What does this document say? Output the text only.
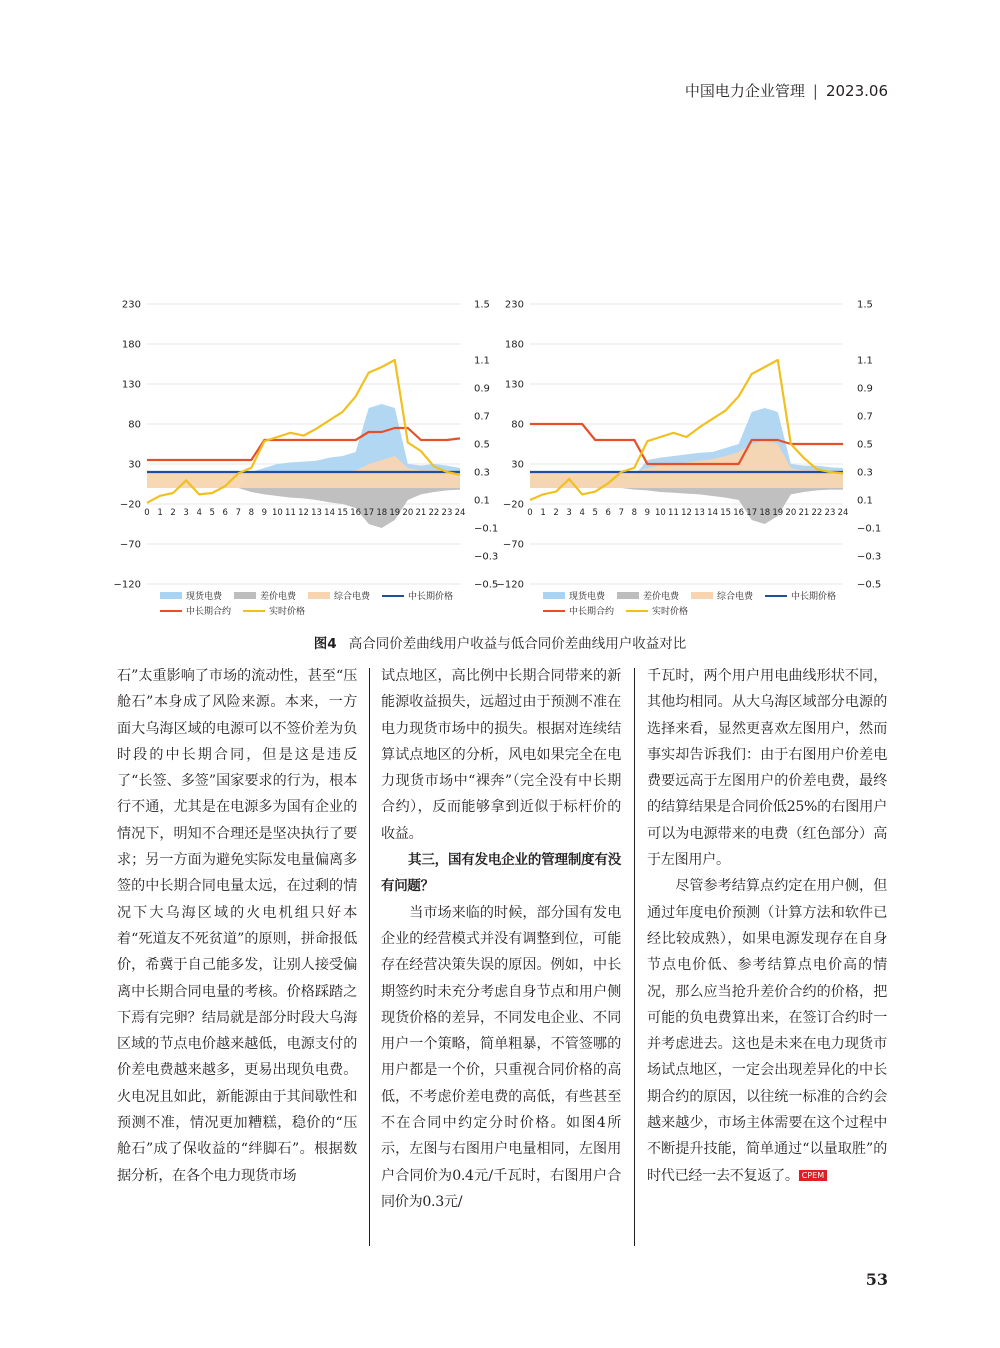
中国电力企业管理 | 2023.06
−120
−70
−20
30
80
130
180
230
−0.5
−0.3
−0.1
0.1
0.3
0.5
0.7
0.9
1.1
1.5
0 1 2 3 4 5 6 7 8 9 10 11 12 13 14 15 16 17 18 19 20 21 22 23 24
现货电费	差价电费	综合电费	中长期价格
中长期合约	实时价格
−120
−70
−20
30
80
130
180
230
−0.5
−0.3
−0.1
0.1
0.3
0.5
0.7
0.9
1.1
1.5
0 1 2 3 4 5 6 7 8 9 10 11 12 13 14 15 16 17 18 19 20 21 22 23 24
现货电费	差价电费	综合电费	中长期价格
中长期合约	实时价格
图4 高合同价差曲线用户收益与低合同价差曲线用户收益对比

石”太重影响了市场的流动性，甚至“压舱石”本身成了风险来源。本来，一方面大乌海区域的电源可以不签价差为负时段的中长期合同，但是这是违反了“长签、多签”国家要求的行为，根本行不通，尤其是在电源多为国有企业的情况下，明知不合理还是坚决执行了要求；另一方面为避免实际发电量偏离多签的中长期合同电量太远，在过剩的情况下大乌海区域的火电机组只好本着“死道友不死贫道”的原则，拼命报低价，希冀于自己能多发，让别人接受偏离中长期合同电量的考核。价格踩踏之下焉有完卵？结局就是部分时段大乌海区域的节点电价越来越低，电源支付的价差电费越来越多，更易出现负电费。火电况且如此，新能源由于其间歇性和预测不准，情况更加糟糕，稳价的“压舱石”成了保收益的“绊脚石”。根据数据分析，在各个电力现货市场

试点地区，高比例中长期合同带来的新能源收益损失，远超过由于预测不准在电力现货市场中的损失。根据对连续结算试点地区的分析，风电如果完全在电力现货市场中“裸奔”（完全没有中长期合约），反而能够拿到近似于标杆价的收益。

其三，国有发电企业的管理制度有没有问题？

当市场来临的时候，部分国有发电企业的经营模式并没有调整到位，可能存在经营决策失误的原因。例如，中长期签约时未充分考虑自身节点和用户侧现货价格的差异，不同发电企业、不同用户一个策略，简单粗暴，不管签哪的用户都是一个价，只重视合同价格的高低，不考虑价差电费的高低，有些甚至不在合同中约定分时价格。如图4所示，左图与右图用户电量相同，左图用户合同价为0.4元/千瓦时，右图用户合同价为0.3元/

千瓦时，两个用户用电曲线形状不同，其他均相同。从大乌海区域部分电源的选择来看，显然更喜欢左图用户，然而事实却告诉我们：由于右图用户价差电费要远高于左图用户的价差电费，最终的结算结果是合同价低25%的右图用户可以为电源带来的电费（红色部分）高于左图用户。

尽管参考结算点约定在用户侧，但通过年度电价预测（计算方法和软件已经比较成熟），如果电源发现存在自身节点电价低、参考结算点电价高的情况，那么应当抢升差价合约的价格，把可能的负电费算出来，在签订合约时一并考虑进去。这也是未来在电力现货市场试点地区，一定会出现差异化的中长期合约的原因，以往统一标准的合约会越来越少，市场主体需要在这个过程中不断提升技能，简单通过“以量取胜”的时代已经一去不复返了。 CPEM

53
